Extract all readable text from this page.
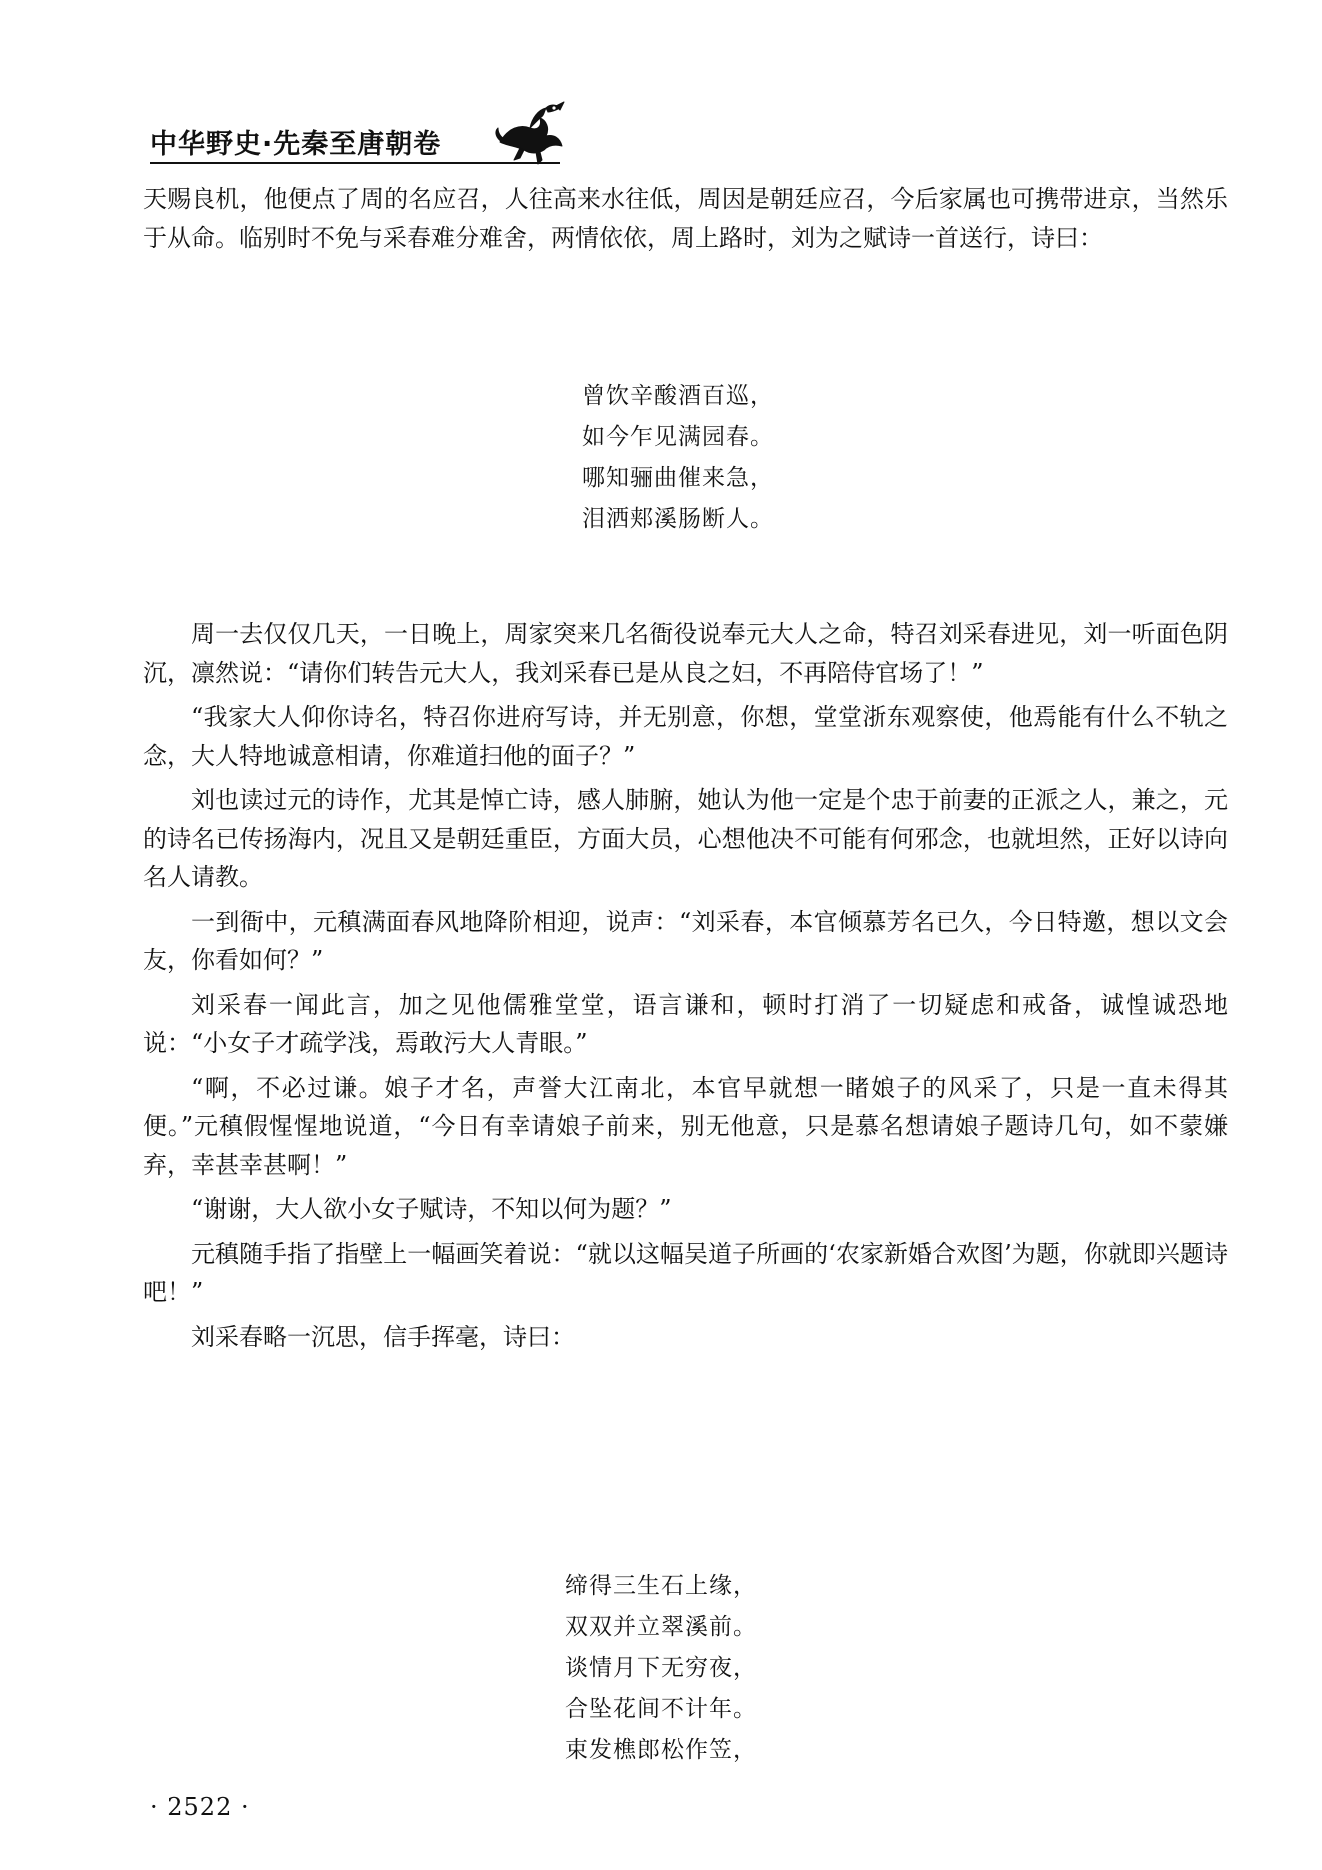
中华野史·先秦至唐朝卷

天赐良机，他便点了周的名应召，人往高来水往低，周因是朝廷应召，今后家属也可携带进京，当然乐于从命。临别时不免与采春难分难舍，两情依依，周上路时，刘为之赋诗一首送行，诗曰：

曾饮辛酸酒百巡，
如今乍见满园春。
哪知骊曲催来急，
泪洒郏溪肠断人。

周一去仅仅几天，一日晚上，周家突来几名衙役说奉元大人之命，特召刘采春进见，刘一听面色阴沉，凛然说：“请你们转告元大人，我刘采春已是从良之妇，不再陪侍官场了！”

“我家大人仰你诗名，特召你进府写诗，并无别意，你想，堂堂浙东观察使，他焉能有什么不轨之念，大人特地诚意相请，你难道扫他的面子？”

刘也读过元的诗作，尤其是悼亡诗，感人肺腑，她认为他一定是个忠于前妻的正派之人，兼之，元的诗名已传扬海内，况且又是朝廷重臣，方面大员，心想他决不可能有何邪念，也就坦然，正好以诗向名人请教。

一到衙中，元稹满面春风地降阶相迎，说声：“刘采春，本官倾慕芳名已久，今日特邀，想以文会友，你看如何？”

刘采春一闻此言，加之见他儒雅堂堂，语言谦和，顿时打消了一切疑虑和戒备，诚惶诚恐地说：“小女子才疏学浅，焉敢污大人青眼。”

“啊，不必过谦。娘子才名，声誉大江南北，本官早就想一睹娘子的风采了，只是一直未得其便。”元稹假惺惺地说道，“今日有幸请娘子前来，别无他意，只是慕名想请娘子题诗几句，如不蒙嫌弃，幸甚幸甚啊！”

“谢谢，大人欲小女子赋诗，不知以何为题？”

元稹随手指了指壁上一幅画笑着说：“就以这幅吴道子所画的‘农家新婚合欢图’为题，你就即兴题诗吧！”

刘采春略一沉思，信手挥毫，诗曰：

缔得三生石上缘，
双双并立翠溪前。
谈情月下无穷夜，
合坠花间不计年。
束发樵郎松作笠，
· 2522 ·
